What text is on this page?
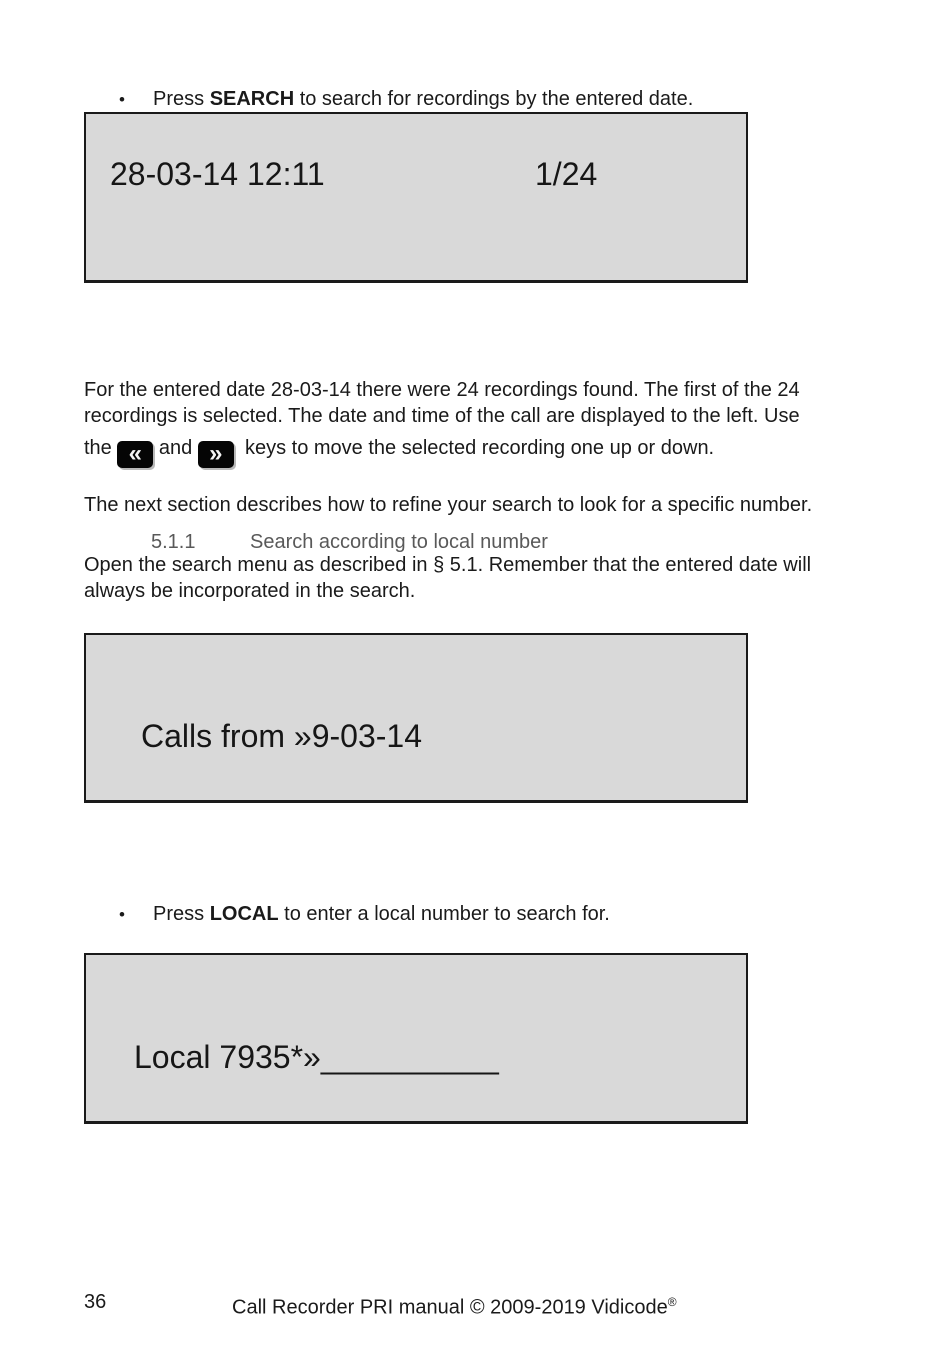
• Press SEARCH to search for recordings by the entered date.
28-03-14 12:11	1/24
For the entered date 28-03-14 there were 24 recordings found. The first of the 24
recordings is selected. The date and time of the call are displayed to the left. Use
the « and »  keys to move the selected recording one up or down.
The next section describes how to refine your search to look for a specific number.
5.1.1	Search according to local number
Open the search menu as described in § 5.1. Remember that the entered date will
always be incorporated in the search.
Calls from »9-03-14
• Press LOCAL to enter a local number to search for.
Local 7935*»__________
36	Call Recorder PRI manual © 2009-2019 Vidicode®
